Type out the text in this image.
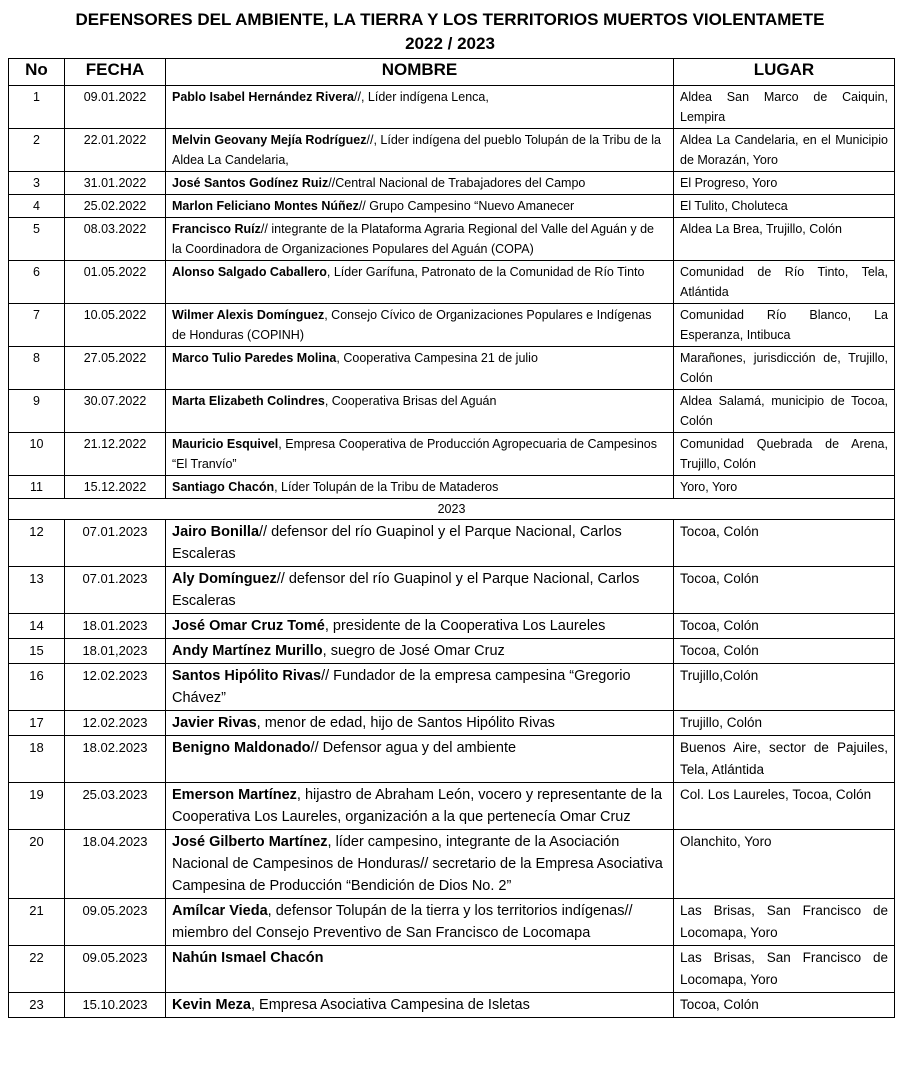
DEFENSORES DEL AMBIENTE, LA TIERRA Y LOS TERRITORIOS MUERTOS VIOLENTAMETE
2022 / 2023
No	FECHA	NOMBRE	LUGAR
1	09.01.2022	Pablo Isabel Hernández Rivera//, Líder indígena Lenca,	Aldea San Marco de Caiquin, Lempira
2	22.01.2022	Melvin Geovany Mejía Rodríguez//, Líder indígena del pueblo Tolupán de la Tribu de la Aldea La Candelaria,	Aldea La Candelaria, en el Municipio de Morazán, Yoro
3	31.01.2022	José Santos Godínez Ruiz//Central Nacional de Trabajadores del Campo	El Progreso, Yoro
4	25.02.2022	Marlon Feliciano Montes Núñez// Grupo Campesino “Nuevo Amanecer	El Tulito, Choluteca
5	08.03.2022	Francisco Ruíz// integrante de la Plataforma Agraria Regional del Valle del Aguán y de la Coordinadora de Organizaciones Populares del Aguán (COPA)	Aldea La Brea, Trujillo, Colón
6	01.05.2022	Alonso Salgado Caballero, Líder Garífuna, Patronato de la Comunidad de Río Tinto	Comunidad de Río Tinto, Tela, Atlántida
7	10.05.2022	Wilmer Alexis Domínguez, Consejo Cívico de Organizaciones Populares e Indígenas de Honduras (COPINH)	Comunidad Río Blanco, La Esperanza, Intibuca
8	27.05.2022	Marco Tulio Paredes Molina, Cooperativa Campesina 21 de julio	Marañones, jurisdicción de, Trujillo, Colón
9	30.07.2022	Marta Elizabeth Colindres, Cooperativa Brisas del Aguán	Aldea Salamá, municipio de Tocoa, Colón
10	21.12.2022	Mauricio Esquivel, Empresa Cooperativa de Producción Agropecuaria de Campesinos “El Tranvío”	Comunidad Quebrada de Arena, Trujillo, Colón
11	15.12.2022	Santiago Chacón, Líder Tolupán de la Tribu de Mataderos	Yoro, Yoro
2023			
12	07.01.2023	Jairo Bonilla// defensor del río Guapinol y el Parque Nacional, Carlos Escaleras	Tocoa, Colón
13	07.01.2023	Aly Domínguez// defensor del río Guapinol y el Parque Nacional, Carlos Escaleras	Tocoa, Colón
14	18.01.2023	José Omar Cruz Tomé, presidente de la Cooperativa Los Laureles	Tocoa, Colón
15	18.01,2023	Andy Martínez Murillo, suegro de José Omar Cruz	Tocoa, Colón
16	12.02.2023	Santos Hipólito Rivas// Fundador de la empresa campesina “Gregorio Chávez”	Trujillo,Colón
17	12.02.2023	Javier Rivas, menor de edad, hijo de Santos Hipólito Rivas	Trujillo, Colón
18	18.02.2023	Benigno Maldonado// Defensor agua y del ambiente	Buenos Aire, sector de Pajuiles, Tela, Atlántida
19	25.03.2023	Emerson Martínez, hijastro de Abraham León, vocero y representante de la Cooperativa Los Laureles, organización a la que pertenecía Omar Cruz	Col. Los Laureles, Tocoa, Colón
20	18.04.2023	José Gilberto Martínez, líder campesino, integrante de la Asociación Nacional de Campesinos de Honduras// secretario de la Empresa Asociativa Campesina de Producción “Bendición de Dios No. 2”	Olanchito, Yoro
21	09.05.2023	Amílcar Vieda, defensor Tolupán de la tierra y los territorios indígenas// miembro del Consejo Preventivo de San Francisco de Locomapa	Las Brisas, San Francisco de Locomapa, Yoro
22	09.05.2023	Nahún Ismael Chacón	Las Brisas, San Francisco de Locomapa, Yoro
23	15.10.2023	Kevin Meza, Empresa Asociativa Campesina de Isletas	Tocoa, Colón
